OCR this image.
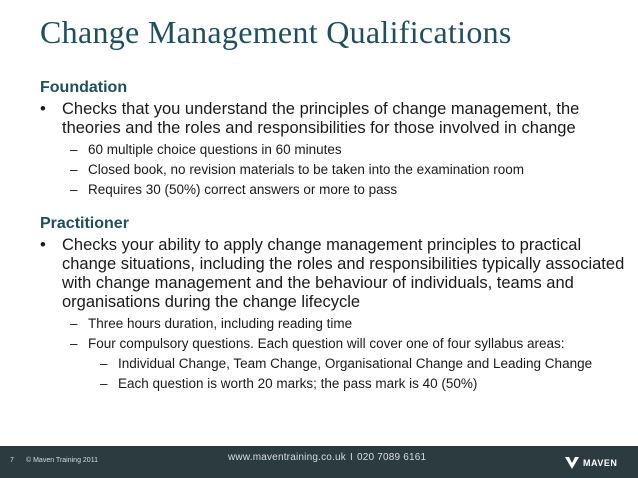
Change Management Qualifications
Foundation
• Checks that you understand the principles of change management, the theories and the roles and responsibilities for those involved in change
– 60 multiple choice questions in 60 minutes
– Closed book, no revision materials to be taken into the examination room
– Requires 30 (50%) correct answers or more to pass
Practitioner
• Checks your ability to apply change management principles to practical change situations, including the roles and responsibilities typically associated with change management and the behaviour of individuals, teams and organisations during the change lifecycle
– Three hours duration, including reading time
– Four compulsory questions. Each question will cover one of four syllabus areas:
– Individual Change, Team Change, Organisational Change and Leading Change
– Each question is worth 20 marks; the pass mark is 40 (50%)
7 © Maven Training 2011	www.maventraining.co.uk I 020 7089 6161	MAVEN
